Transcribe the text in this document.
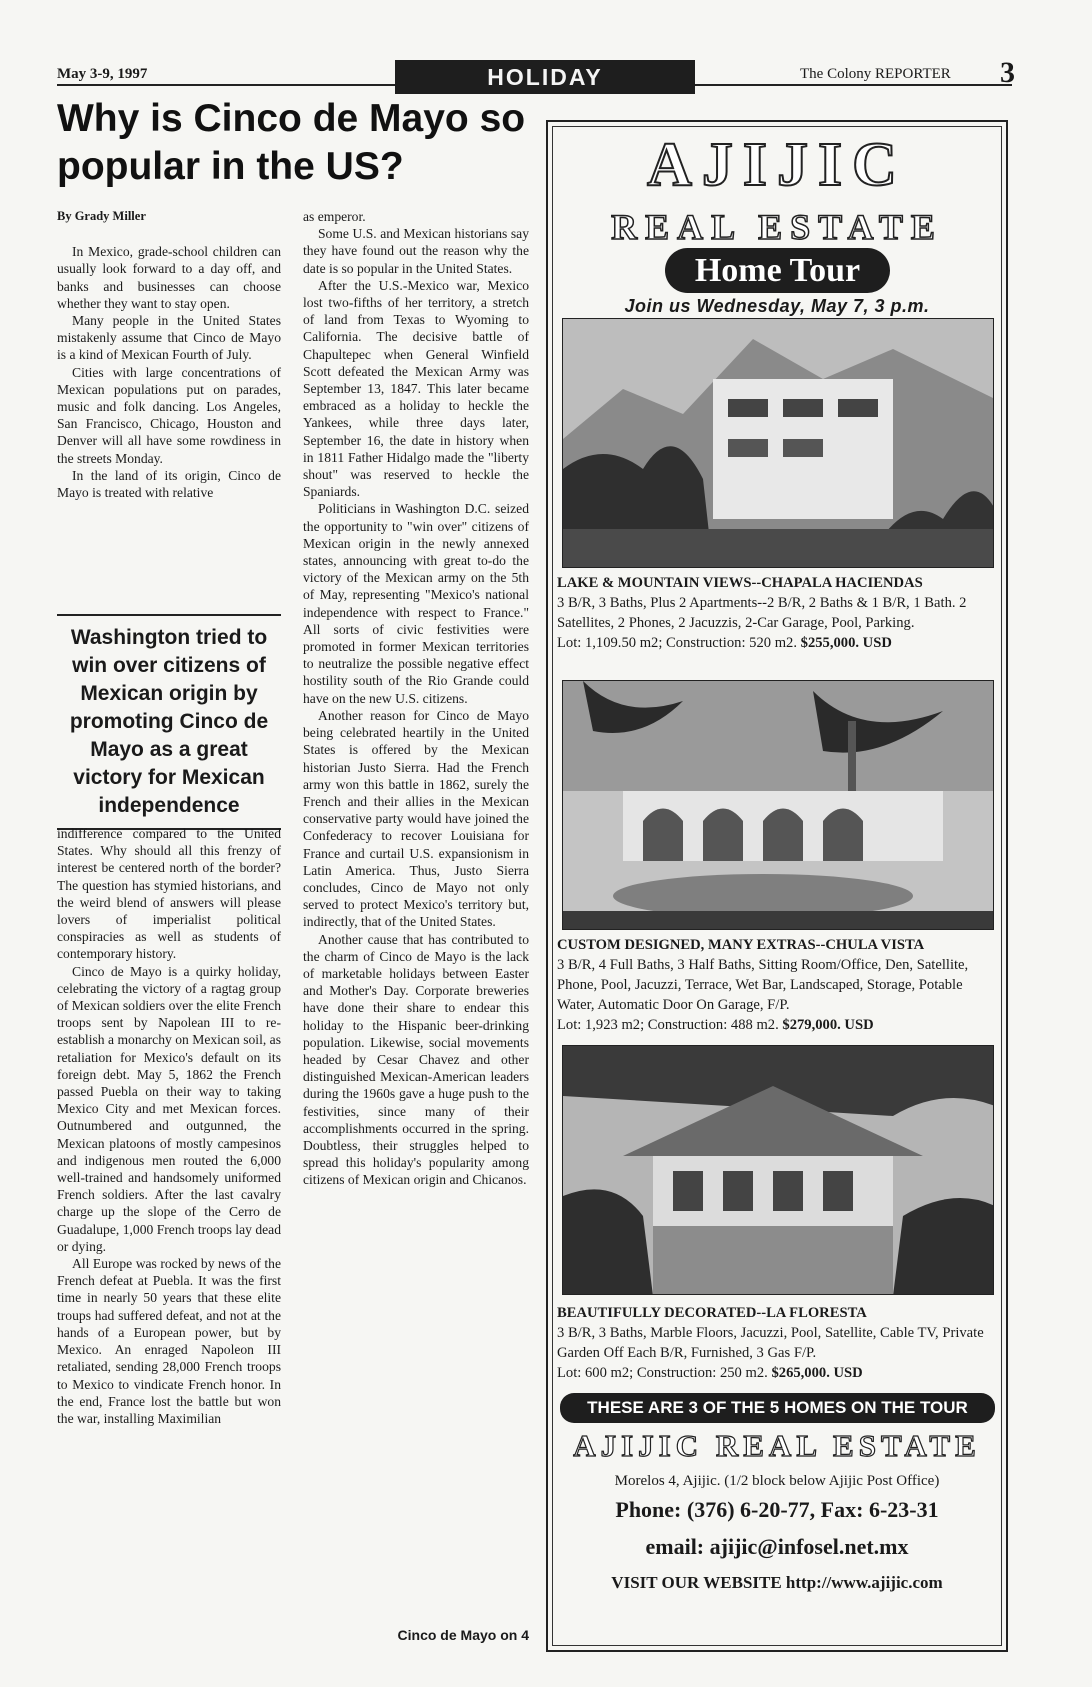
May 3-9, 1997	HOLIDAY	The Colony REPORTER 3
Why is Cinco de Mayo so popular in the US?
By Grady Miller

In Mexico, grade-school children can usually look forward to a day off, and banks and businesses can choose whether they want to stay open.

Many people in the United States mistakenly assume that Cinco de Mayo is a kind of Mexican Fourth of July.

Cities with large concentrations of Mexican populations put on parades, music and folk dancing. Los Angeles, San Francisco, Chicago, Houston and Denver will all have some rowdiness in the streets Monday.

In the land of its origin, Cinco de Mayo is treated with relative

Washington tried to win over citizens of Mexican origin by promoting Cinco de Mayo as a great victory for Mexican independence

indifference compared to the United States. Why should all this frenzy of interest be centered north of the border? The question has stymied historians, and the weird blend of answers will please lovers of imperialist political conspiracies as well as students of contemporary history.

Cinco de Mayo is a quirky holiday, celebrating the victory of a ragtag group of Mexican soldiers over the elite French troops sent by Napolean III to re-establish a monarchy on Mexican soil, as retaliation for Mexico's default on its foreign debt. May 5, 1862 the French passed Puebla on their way to taking Mexico City and met Mexican forces. Outnumbered and outgunned, the Mexican platoons of mostly campesinos and indigenous men routed the 6,000 well-trained and handsomely uniformed French soldiers. After the last cavalry charge up the slope of the Cerro de Guadalupe, 1,000 French troops lay dead or dying.

All Europe was rocked by news of the French defeat at Puebla. It was the first time in nearly 50 years that these elite troups had suffered defeat, and not at the hands of a European power, but by Mexico. An enraged Napoleon III retaliated, sending 28,000 French troops to Mexico to vindicate French honor. In the end, France lost the battle but won the war, installing Maximilian

as emperor.

Some U.S. and Mexican historians say they have found out the reason why the date is so popular in the United States.

After the U.S.-Mexico war, Mexico lost two-fifths of her territory, a stretch of land from Texas to Wyoming to California. The decisive battle of Chapultepec when General Winfield Scott defeated the Mexican Army was September 13, 1847. This later became embraced as a holiday to heckle the Yankees, while three days later, September 16, the date in history when in 1811 Father Hidalgo made the "liberty shout" was reserved to heckle the Spaniards.

Politicians in Washington D.C. seized the opportunity to "win over" citizens of Mexican origin in the newly annexed states, announcing with great to-do the victory of the Mexican army on the 5th of May, representing "Mexico's national independence with respect to France." All sorts of civic festivities were promoted in former Mexican territories to neutralize the possible negative effect hostility south of the Rio Grande could have on the new U.S. citizens.

Another reason for Cinco de Mayo being celebrated heartily in the United States is offered by the Mexican historian Justo Sierra. Had the French army won this battle in 1862, surely the French and their allies in the Mexican conservative party would have joined the Confederacy to recover Louisiana for France and curtail U.S. expansionism in Latin America. Thus, Justo Sierra concludes, Cinco de Mayo not only served to protect Mexico's territory but, indirectly, that of the United States.

Another cause that has contributed to the charm of Cinco de Mayo is the lack of marketable holidays between Easter and Mother's Day. Corporate breweries have done their share to endear this holiday to the Hispanic beer-drinking population. Likewise, social movements headed by Cesar Chavez and other distinguished Mexican-American leaders during the 1960s gave a huge push to the festivities, since many of their accomplishments occurred in the spring. Doubtless, their struggles helped to spread this holiday's popularity among citizens of Mexican origin and Chicanos.

Cinco de Mayo on 4
AJIJIC
REAL ESTATE
Home Tour
Join us Wednesday, May 7, 3 p.m.
LAKE & MOUNTAIN VIEWS--CHAPALA HACIENDAS
3 B/R, 3 Baths, Plus 2 Apartments--2 B/R, 2 Baths & 1 B/R, 1 Bath. 2 Satellites, 2 Phones, 2 Jacuzzis, 2-Car Garage, Pool, Parking.
Lot: 1,109.50 m2; Construction: 520 m2. $255,000. USD
CUSTOM DESIGNED, MANY EXTRAS--CHULA VISTA
3 B/R, 4 Full Baths, 3 Half Baths, Sitting Room/Office, Den, Satellite, Phone, Pool, Jacuzzi, Terrace, Wet Bar, Landscaped, Storage, Potable Water, Automatic Door On Garage, F/P.
Lot: 1,923 m2; Construction: 488 m2. $279,000. USD
BEAUTIFULLY DECORATED--LA FLORESTA
3 B/R, 3 Baths, Marble Floors, Jacuzzi, Pool, Satellite, Cable TV, Private Garden Off Each B/R, Furnished, 3 Gas F/P.
Lot: 600 m2; Construction: 250 m2. $265,000. USD
THESE ARE 3 OF THE 5 HOMES ON THE TOUR
AJIJIC REAL ESTATE
Morelos 4, Ajijic. (1/2 block below Ajijic Post Office)
Phone: (376) 6-20-77, Fax: 6-23-31
email: ajijic@infosel.net.mx
VISIT OUR WEBSITE http://www.ajijic.com
